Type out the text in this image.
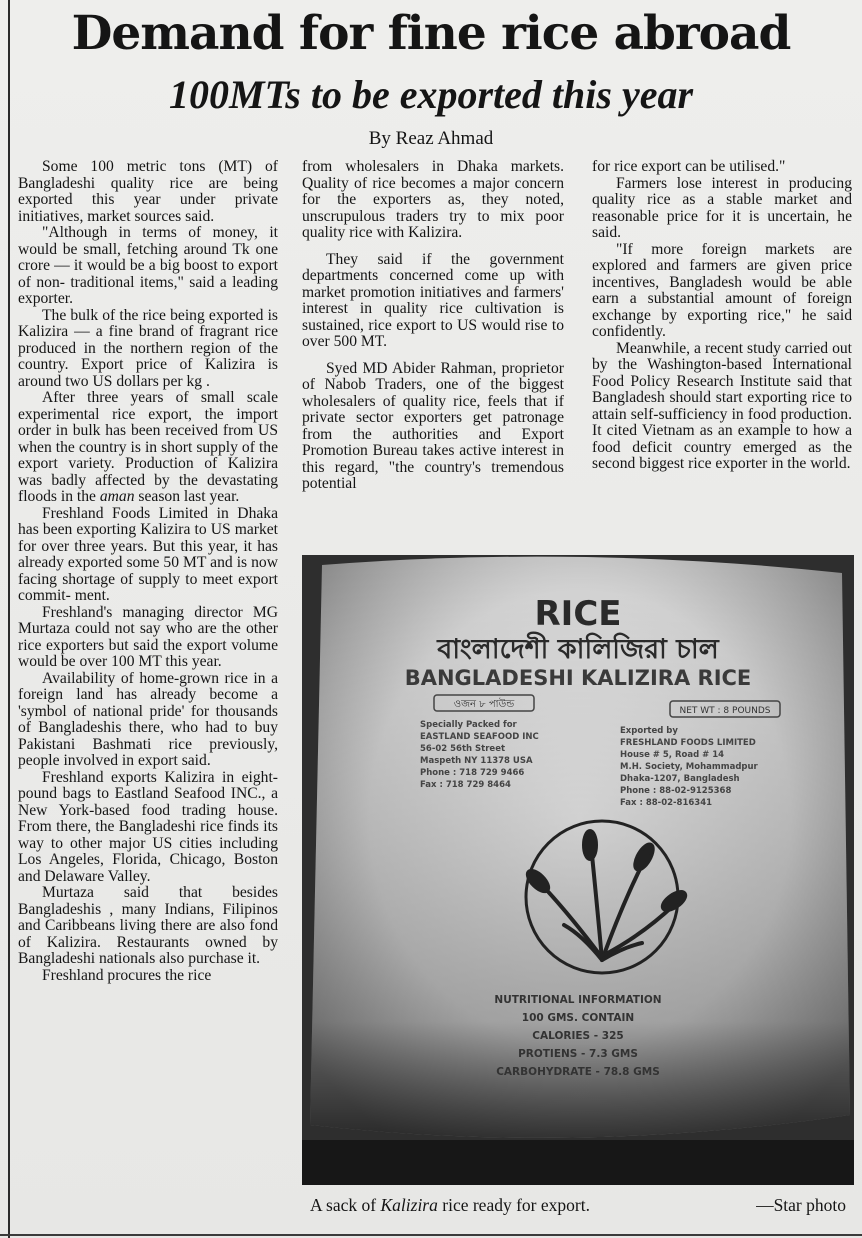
Demand for fine rice abroad
100MTs to be exported this year
By Reaz Ahmad

Some 100 metric tons (MT) of Bangladeshi quality rice are being exported this year under private initiatives, market sources said.

"Although in terms of money, it would be small, fetching around Tk one crore — it would be a big boost to export of non- traditional items," said a leading exporter.

The bulk of the rice being exported is Kalizira — a fine brand of fragrant rice produced in the northern region of the country. Export price of Kalizira is around two US dollars per kg .

After three years of small scale experimental rice export, the import order in bulk has been received from US when the country is in short supply of the export variety. Production of Kalizira was badly affected by the devastating floods in the aman season last year.

Freshland Foods Limited in Dhaka has been exporting Kalizira to US market for over three years. But this year, it has already exported some 50 MT and is now facing shortage of supply to meet export commit- ment.

Freshland's managing director MG Murtaza could not say who are the other rice exporters but said the export volume would be over 100 MT this year.

Availability of home-grown rice in a foreign land has already become a 'symbol of national pride' for thousands of Bangladeshis there, who had to buy Pakistani Bashmati rice previously, people involved in export said.

Freshland exports Kalizira in eight-pound bags to Eastland Seafood INC., a New York-based food trading house. From there, the Bangladeshi rice finds its way to other major US cities including Los Angeles, Florida, Chicago, Boston and Delaware Valley.

Murtaza said that besides Bangladeshis , many Indians, Filipinos and Caribbeans living there are also fond of Kalizira. Restaurants owned by Bangladeshi nationals also purchase it.

Freshland procures the rice

from wholesalers in Dhaka markets. Quality of rice becomes a major concern for the exporters as, they noted, unscrupulous traders try to mix poor quality rice with Kalizira.

They said if the government departments concerned come up with market promotion initiatives and farmers' interest in quality rice cultivation is sustained, rice export to US would rise to over 500 MT.

Syed MD Abider Rahman, proprietor of Nabob Traders, one of the biggest wholesalers of quality rice, feels that if private sector exporters get patronage from the authorities and Export Promotion Bureau takes active interest in this regard, "the country's tremendous potential

for rice export can be utilised."

Farmers lose interest in producing quality rice as a stable market and reasonable price for it is uncertain, he said.

"If more foreign markets are explored and farmers are given price incentives, Bangladesh would be able earn a substantial amount of foreign exchange by exporting rice," he said confidently.

Meanwhile, a recent study carried out by the Washington-based International Food Policy Research Institute said that Bangladesh should start exporting rice to attain self-sufficiency in food production. It cited Vietnam as an example to how a food deficit country emerged as the second biggest rice exporter in the world.

RICE
বাংলাদেশী কালিজিরা চাল
BANGLADESHI KALIZIRA RICE
ওজন ৮ পাউন্ড
NET WT : 8 POUNDS
Specially Packed for
EASTLAND SEAFOOD INC
56-02 56th Street
Maspeth NY 11378 USA
Phone : 718 729 9466
Fax : 718 729 8464
Exported by
FRESHLAND FOODS LIMITED
House # 5, Road # 14
M.H. Society, Mohammadpur
Dhaka-1207, Bangladesh
Phone : 88-02-9125368
Fax : 88-02-816341
NUTRITIONAL INFORMATION
100 GMS. CONTAIN
CALORIES - 325
PROTIENS - 7.3 GMS
CARBOHYDRATE - 78.8 GMS
A sack of Kalizira rice ready for export.	—Star photo
